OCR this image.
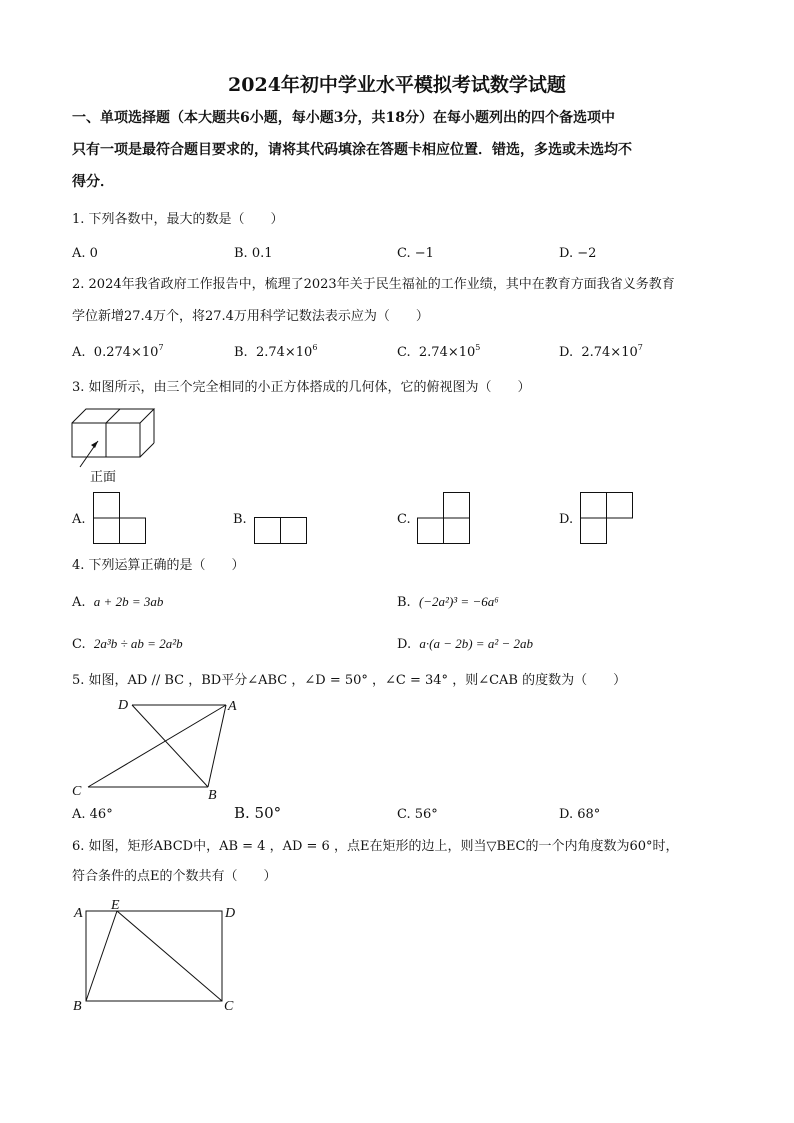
2024年初中学业水平模拟考试数学试题
一、单项选择题（本大题共6小题，每小题3分，共18分）在每小题列出的四个备选项中
只有一项是最符合题目要求的，请将其代码填涂在答题卡相应位置．错选，多选或未选均不
得分．
1. 下列各数中，最大的数是（　　）
A. 0	B. 0.1	C. −1	D. −2
2. 2024年我省政府工作报告中，梳理了2023年关于民生福祉的工作业绩，其中在教育方面我省义务教育
学位新增27.4万个，将27.4万用科学记数法表示应为（　　）
A. $0.274\times 10^7$	B. $2.74\times 10^6$	C. $2.74\times 10^5$	D. $2.74\times 10^7$
3. 如图所示，由三个完全相同的小正方体搭成的几何体，它的俯视图为（　　）
正面
A.	B.	C.	D.
4. 下列运算正确的是（　　）
A. a + 2b = 3ab	B. (−2a²)³ = −6a⁶
C. 2a³b ÷ ab = 2a²b	D. a·(a − 2b) = a² − 2ab
5. 如图，AD // BC ，BD平分∠ABC ，∠D = 50° ，∠C = 34° ，则∠CAB 的度数为（　　）
D	A
C	B
A. 46°	B. 50°	C. 56°	D. 68°
6. 如图，矩形ABCD中，AB = 4 ，AD = 6 ，点E在矩形的边上，则当▽BEC的一个内角度数为60°时，
符合条件的点E的个数共有（　　）
A
E
D
B	C
